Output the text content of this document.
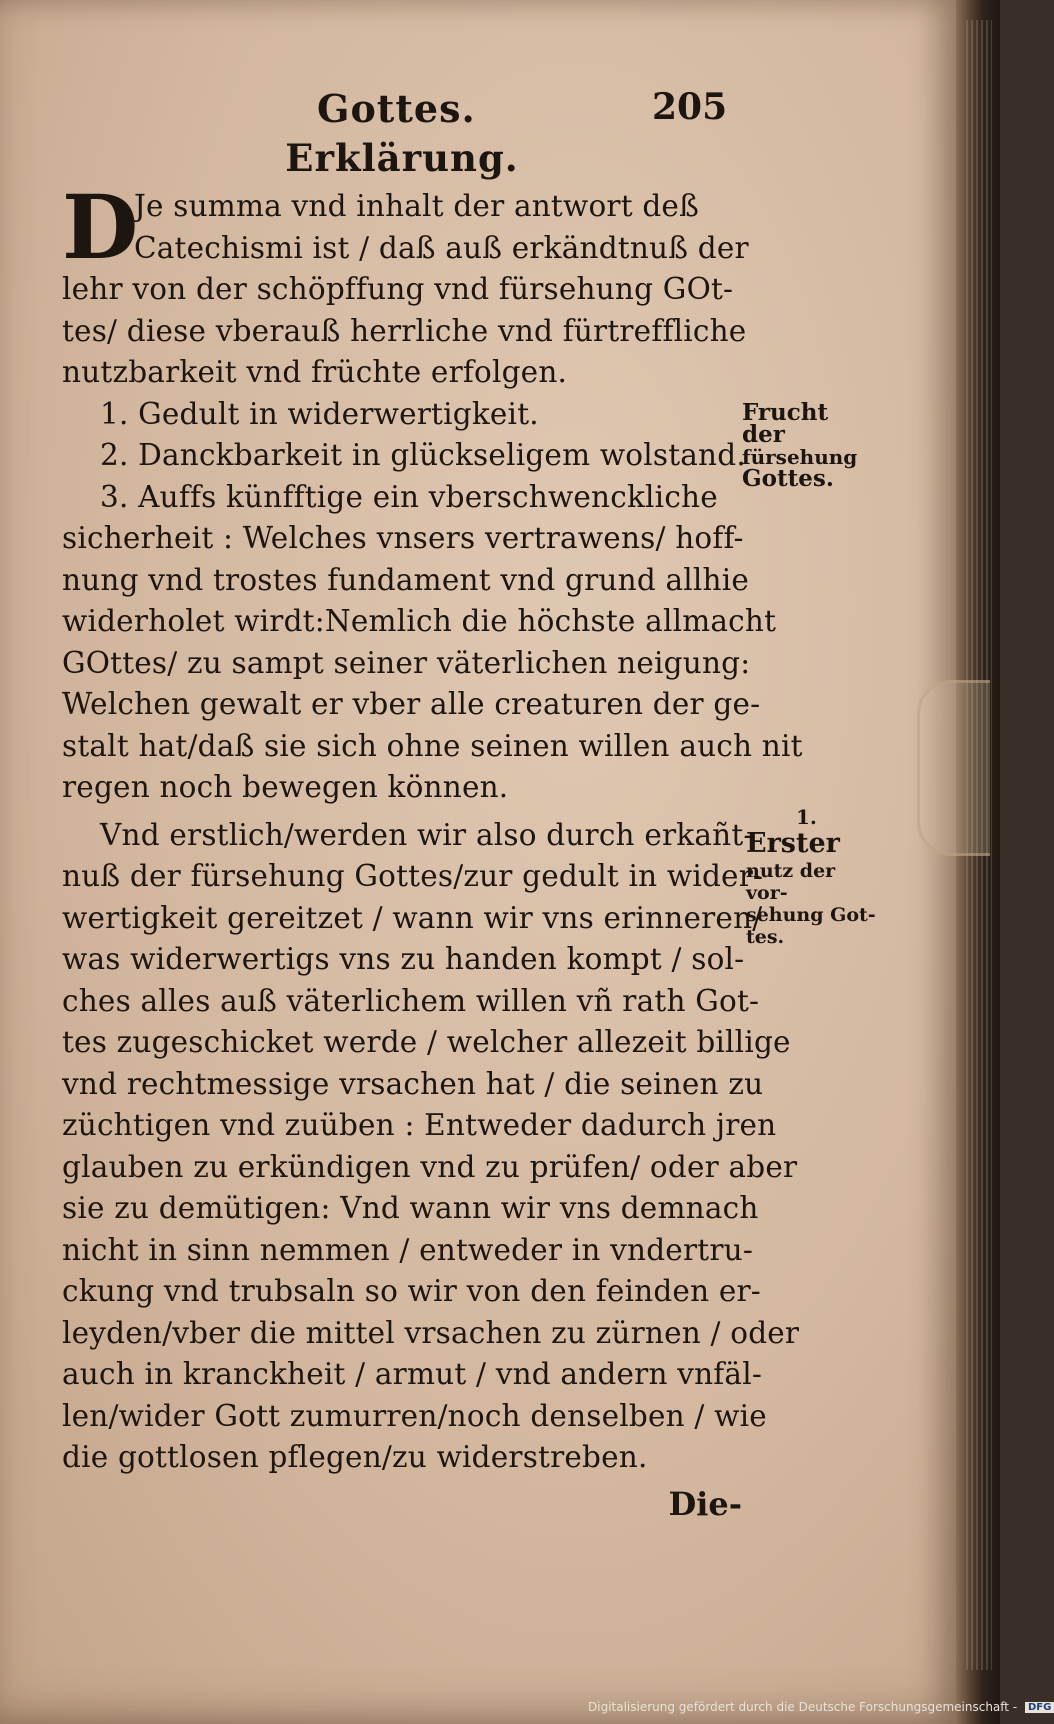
Gottes.	205
Erklärung.
D
Je summa vnd inhalt der antwort deß
Catechismi ist / daß auß erkändtnuß der
lehr von der schöpffung vnd fürsehung GOt-
tes/ diese vberauß herrliche vnd fürtreffliche
nutzbarkeit vnd früchte erfolgen.
1. Gedult in widerwertigkeit.
2. Danckbarkeit in glückseligem wolstand.
3. Auffs künfftige ein vberschwenckliche
sicherheit : Welches vnsers vertrawens/ hoff-
nung vnd trostes fundament vnd grund allhie
widerholet wirdt:Nemlich die höchste allmacht
GOttes/ zu sampt seiner väterlichen neigung:
Welchen gewalt er vber alle creaturen der ge-
stalt hat/daß sie sich ohne seinen willen auch nit
regen noch bewegen können.
Vnd erstlich/werden wir also durch erkañt-
nuß der fürsehung Gottes/zur gedult in wider-
wertigkeit gereitzet / wann wir vns erinneren/
was widerwertigs vns zu handen kompt / sol-
ches alles auß väterlichem willen vñ rath Got-
tes zugeschicket werde / welcher allezeit billige
vnd rechtmessige vrsachen hat / die seinen zu
züchtigen vnd zuüben : Entweder dadurch jren
glauben zu erkündigen vnd zu prüfen/ oder aber
sie zu demütigen: Vnd wann wir vns demnach
nicht in sinn nemmen / entweder in vndertru-
ckung vnd trubsaln so wir von den feinden er-
leyden/vber die mittel vrsachen zu zürnen / oder
auch in kranckheit / armut / vnd andern vnfäl-
len/wider Gott zumurren/noch denselben / wie
die gottlosen pflegen/zu widerstreben.
Die-
Frucht der
fürsehung
Gottes.
1.
Erster
nutz der vor-
sehung Got-
tes.
Digitalisierung gefördert durch die Deutsche Forschungsgemeinschaft - DFG
